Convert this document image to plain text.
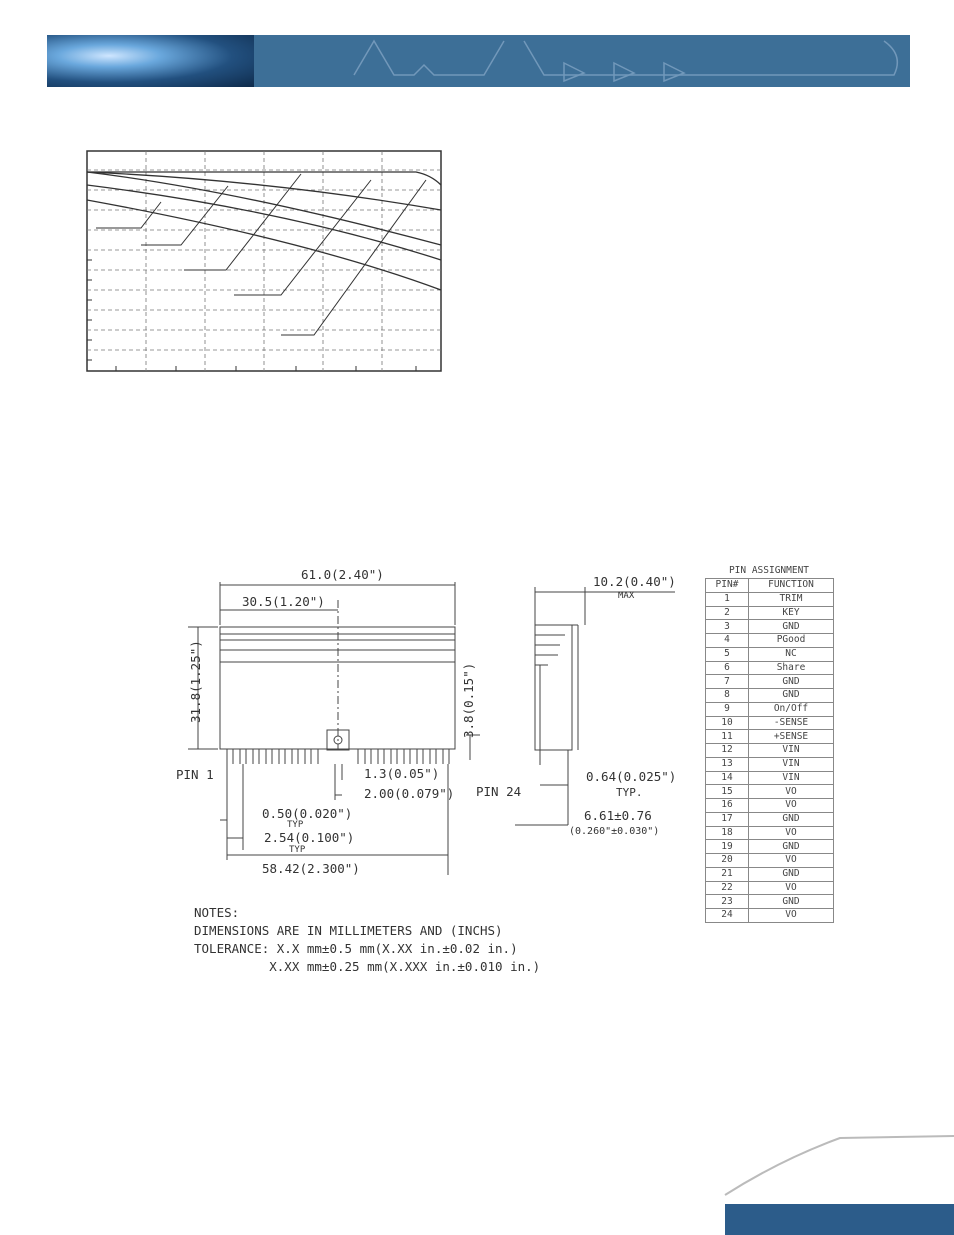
61.0(2.40")
30.5(1.20")
31.8(1.25")	3.8(0.15")
PIN 1
PIN 24
1.3(0.05")
2.00(0.079")
0.50(0.020")
TYP
2.54(0.100")
TYP
58.42(2.300")
10.2(0.40")
MAX
0.64(0.025")
TYP.
6.61±0.76
(0.260"±0.030")
PIN ASSIGNMENT
PIN#	FUNCTION
1	TRIM
2	KEY
3	GND
4	PGood
5	NC
6	Share
7	GND
8	GND
9	On/Off
10	-SENSE
11	+SENSE
12	VIN
13	VIN
14	VIN
15	VO
16	VO
17	GND
18	VO
19	GND
20	VO
21	GND
22	VO
23	GND
24	VO
NOTES:
DIMENSIONS ARE IN MILLIMETERS AND (INCHS)
TOLERANCE: X.X mm±0.5 mm(X.XX in.±0.02 in.)
X.XX mm±0.25 mm(X.XXX in.±0.010 in.)
